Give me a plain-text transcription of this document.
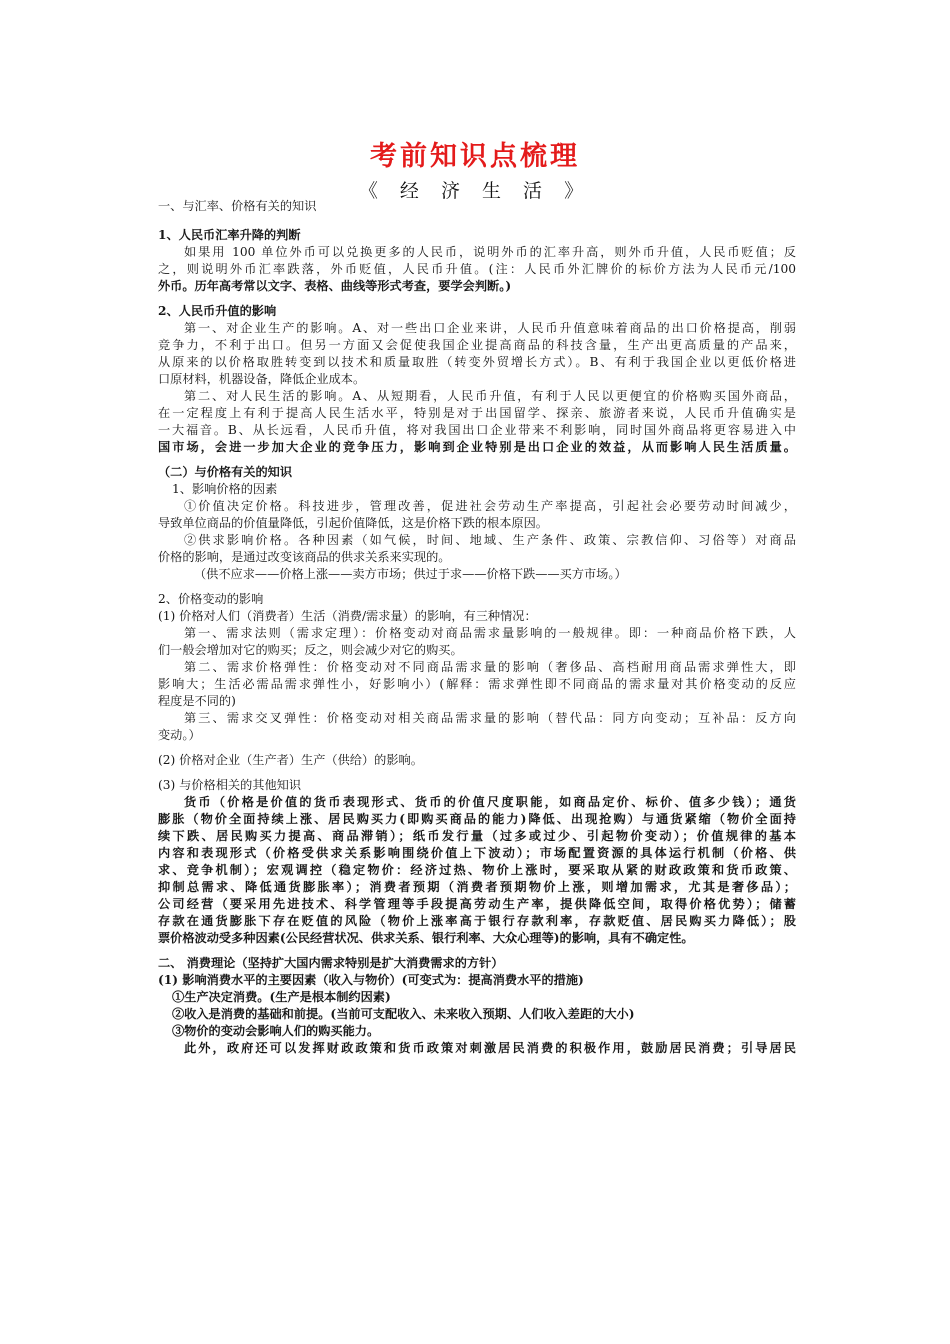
考前知识点梳理
《 经 济 生 活 》
一、与汇率、价格有关的知识
1、人民币汇率升降的判断
如果用 100 单位外币可以兑换更多的人民币，说明外币的汇率升高，则外币升值，人民币贬值；反
之，则说明外币汇率跌落，外币贬值，人民币升值。(注：人民币外汇牌价的标价方法为人民币元/100
外币。历年高考常以文字、表格、曲线等形式考查，要学会判断。)
2、人民币升值的影响
第一、对企业生产的影响。A、对一些出口企业来讲，人民币升值意味着商品的出口价格提高，削弱
竞争力，不利于出口。但另一方面又会促使我国企业提高商品的科技含量，生产出更高质量的产品来，
从原来的以价格取胜转变到以技术和质量取胜（转变外贸增长方式）。B、有利于我国企业以更低价格进
口原材料，机器设备，降低企业成本。
第二、对人民生活的影响。A、从短期看，人民币升值，有利于人民以更便宜的价格购买国外商品，
在一定程度上有利于提高人民生活水平，特别是对于出国留学、探亲、旅游者来说，人民币升值确实是
一大福音。B、从长远看，人民币升值，将对我国出口企业带来不利影响，同时国外商品将更容易进入中
国市场，会进一步加大企业的竞争压力，影响到企业特别是出口企业的效益，从而影响人民生活质量。
（二）与价格有关的知识
1、影响价格的因素
①价值决定价格。科技进步，管理改善，促进社会劳动生产率提高，引起社会必要劳动时间减少，
导致单位商品的价值量降低，引起价值降低，这是价格下跌的根本原因。
②供求影响价格。各种因素（如气候，时间、地域、生产条件、政策、宗教信仰、习俗等）对商品
价格的影响，是通过改变该商品的供求关系来实现的。
（供不应求——价格上涨——卖方市场；供过于求——价格下跌——买方市场。）
2、价格变动的影响
(1) 价格对人们（消费者）生活（消费/需求量）的影响，有三种情况：
第一、需求法则（需求定理）：价格变动对商品需求量影响的一般规律。即：一种商品价格下跌，人
们一般会增加对它的购买；反之，则会减少对它的购买。
第二、需求价格弹性：价格变动对不同商品需求量的影响（奢侈品、高档耐用商品需求弹性大，即
影响大；生活必需品需求弹性小，好影响小）(解释：需求弹性即不同商品的需求量对其价格变动的反应
程度是不同的)
第三、需求交叉弹性：价格变动对相关商品需求量的影响（替代品：同方向变动；互补品：反方向
变动。）
(2) 价格对企业（生产者）生产（供给）的影响。
(3) 与价格相关的其他知识
货币（价格是价值的货币表现形式、货币的价值尺度职能，如商品定价、标价、值多少钱）；通货
膨胀（物价全面持续上涨、居民购买力(即购买商品的能力)降低、出现抢购）与通货紧缩（物价全面持
续下跌、居民购买力提高、商品滞销）；纸币发行量（过多或过少、引起物价变动）；价值规律的基本
内容和表现形式（价格受供求关系影响围绕价值上下波动）；市场配置资源的具体运行机制（价格、供
求、竞争机制）；宏观调控（稳定物价：经济过热、物价上涨时，要采取从紧的财政政策和货币政策、
抑制总需求、降低通货膨胀率）；消费者预期（消费者预期物价上涨，则增加需求，尤其是奢侈品）；
公司经营（要采用先进技术、科学管理等手段提高劳动生产率，提供降低空间，取得价格优势）；储蓄
存款在通货膨胀下存在贬值的风险（物价上涨率高于银行存款利率，存款贬值、居民购买力降低）；股
票价格波动受多种因素(公民经营状况、供求关系、银行利率、大众心理等)的影响，具有不确定性。
二、 消费理论（坚持扩大国内需求特别是扩大消费需求的方针）
(1) 影响消费水平的主要因素（收入与物价）(可变式为：提高消费水平的措施)
①生产决定消费。(生产是根本制约因素)
②收入是消费的基础和前提。(当前可支配收入、未来收入预期、人们收入差距的大小)
③物价的变动会影响人们的购买能力。
此外，政府还可以发挥财政政策和货币政策对刺激居民消费的积极作用，鼓励居民消费；引导居民
